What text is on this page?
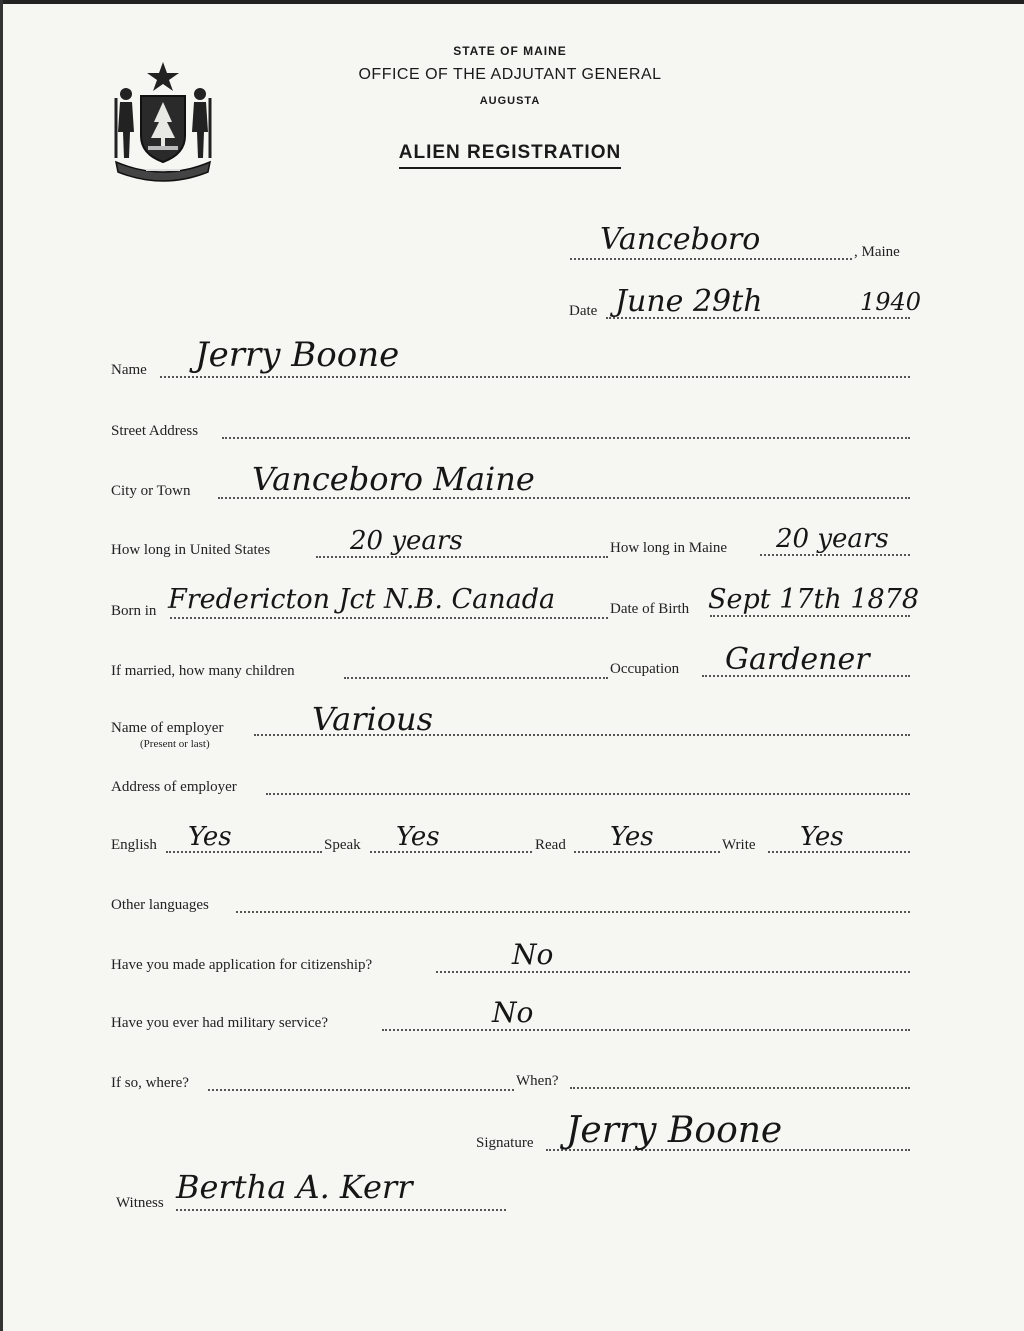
STATE OF MAINE
OFFICE OF THE ADJUTANT GENERAL
AUGUSTA
ALIEN REGISTRATION
Vanceboro	, Maine
Date June 29th	1940
Name Jerry Boone
Street Address
City or Town Vanceboro Maine
How long in United States	20 years	How long in Maine 20 years
Born in Fredericton Jct N.B. Canada	Date of Birth Sept 17th 1878
If married, how many children	Occupation Gardener
Name of employer
(Present or last)
Various
Address of employer
English Yes	Speak Yes	Read Yes	Write Yes
Other languages
Have you made application for citizenship?	No
Have you ever had military service?	No
If so, where?	When?
Signature Jerry Boone
Witness Bertha A. Kerr
